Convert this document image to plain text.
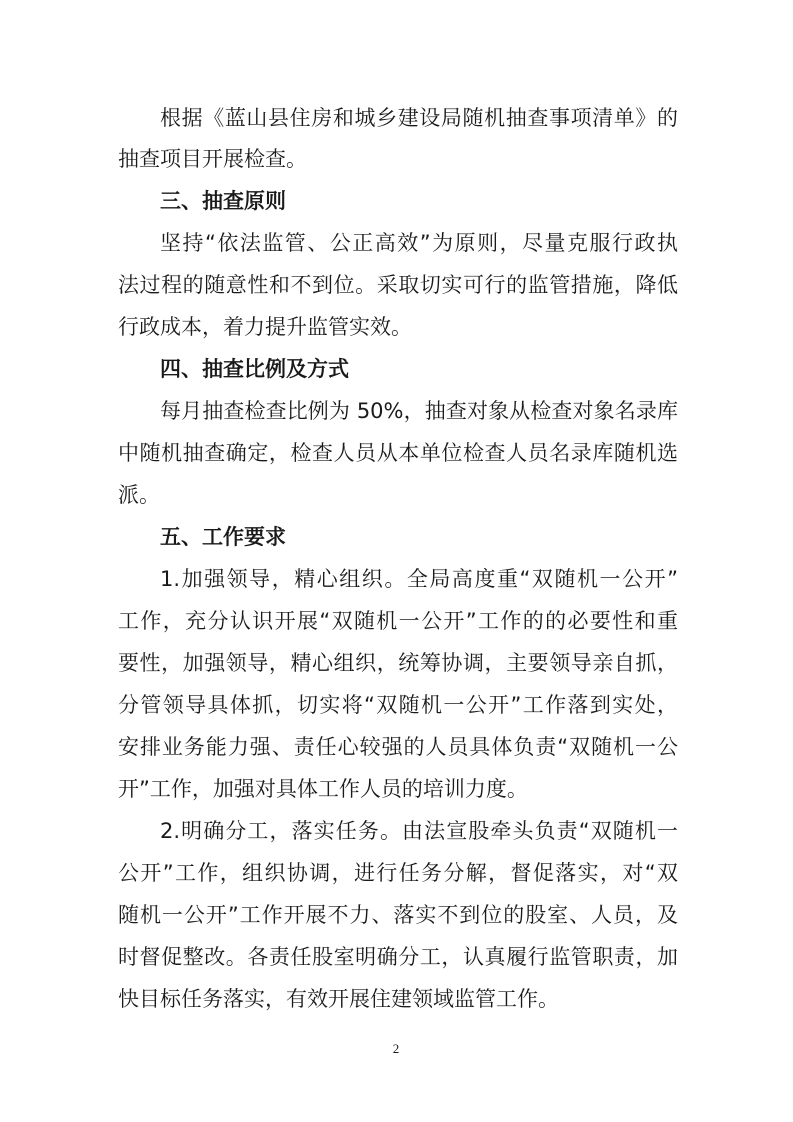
根据《蓝山县住房和城乡建设局随机抽查事项清单》的
抽查项目开展检查。
三、抽查原则
坚持“依法监管、公正高效”为原则，尽量克服行政执
法过程的随意性和不到位。采取切实可行的监管措施，降低
行政成本，着力提升监管实效。
四、抽查比例及方式
每月抽查检查比例为 50%，抽查对象从检查对象名录库
中随机抽查确定，检查人员从本单位检查人员名录库随机选
派。
五、工作要求
1.加强领导，精心组织。全局高度重“双随机一公开”
工作，充分认识开展“双随机一公开”工作的的必要性和重
要性，加强领导，精心组织，统筹协调，主要领导亲自抓，
分管领导具体抓，切实将“双随机一公开”工作落到实处，
安排业务能力强、责任心较强的人员具体负责“双随机一公
开”工作，加强对具体工作人员的培训力度。
2.明确分工，落实任务。由法宣股牵头负责“双随机一
公开”工作，组织协调，进行任务分解，督促落实，对“双
随机一公开”工作开展不力、落实不到位的股室、人员，及
时督促整改。各责任股室明确分工，认真履行监管职责，加
快目标任务落实，有效开展住建领域监管工作。
2
